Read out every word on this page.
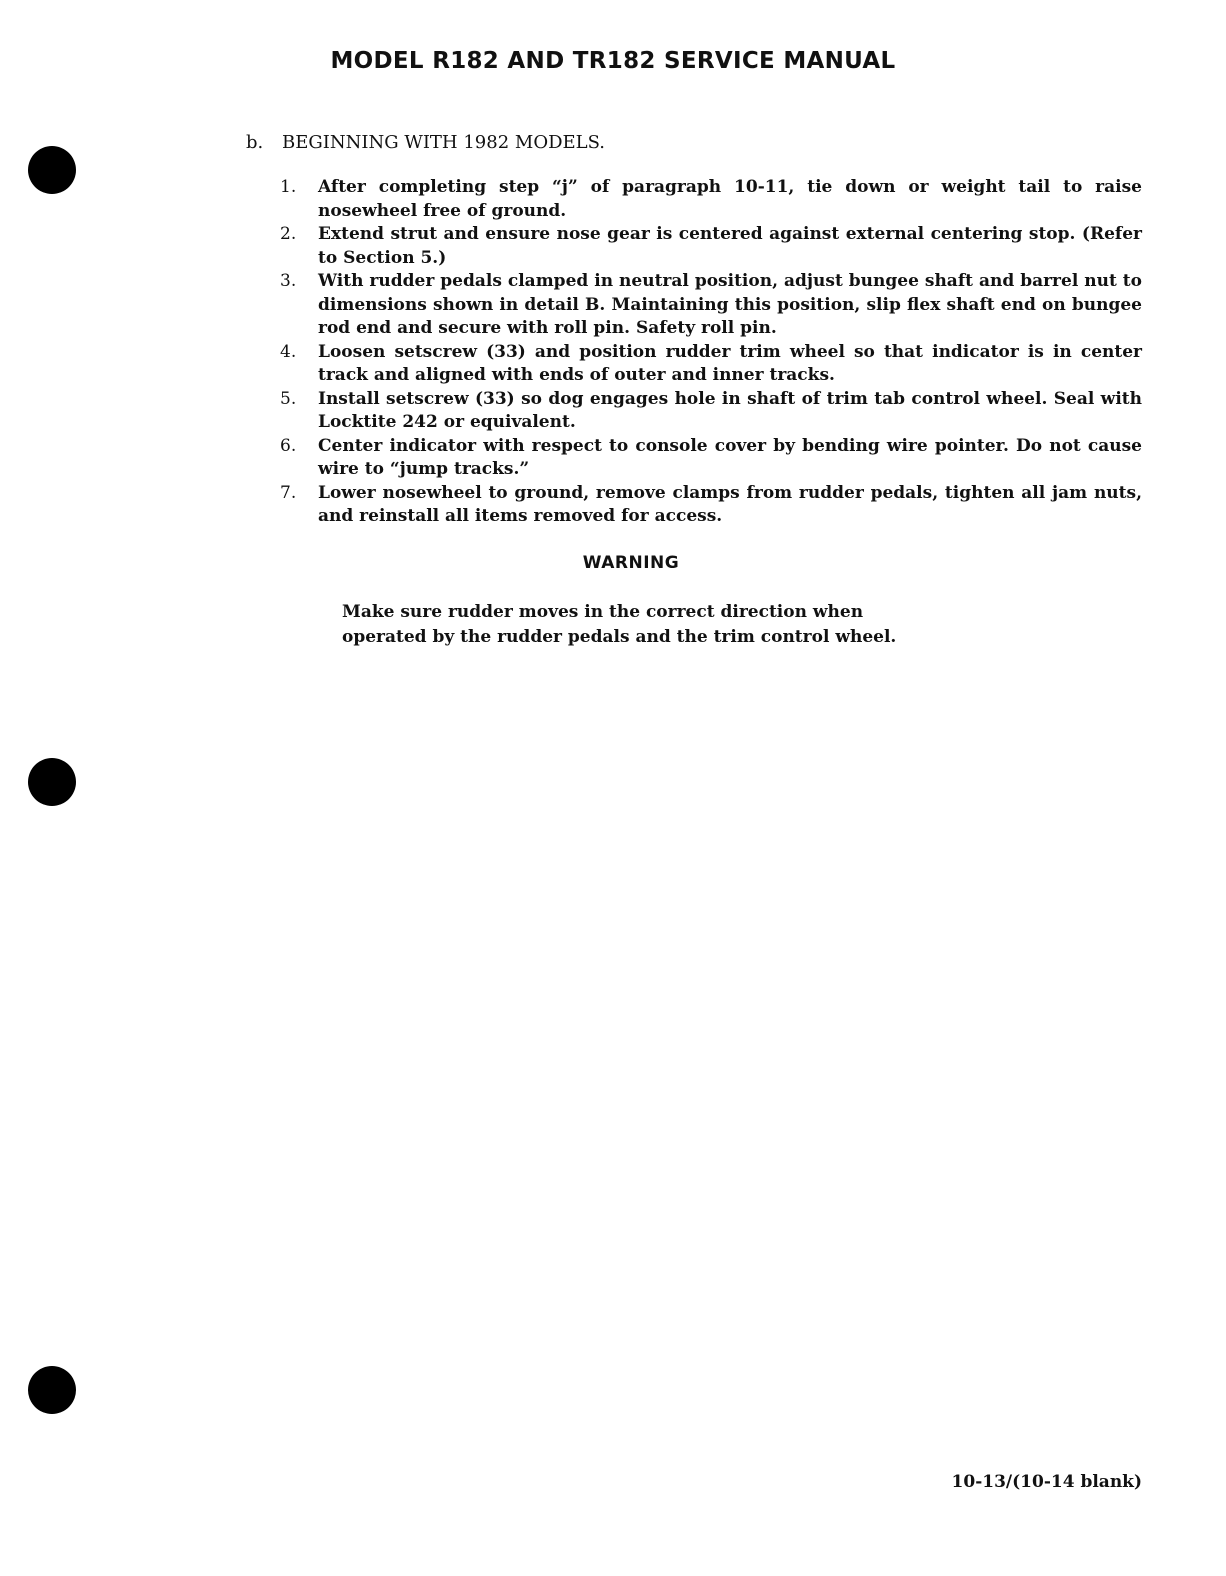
MODEL R182 AND TR182 SERVICE MANUAL
b. BEGINNING WITH 1982 MODELS.
1.	After completing step “j” of paragraph 10-11, tie down or weight tail to raise nosewheel free of ground.
2.	Extend strut and ensure nose gear is centered against external centering stop. (Refer to Section 5.)
3.	With rudder pedals clamped in neutral position, adjust bungee shaft and barrel nut to dimensions shown in detail B. Maintaining this position, slip flex shaft end on bungee rod end and secure with roll pin. Safety roll pin.
4.	Loosen setscrew (33) and position rudder trim wheel so that indicator is in center track and aligned with ends of outer and inner tracks.
5.	Install setscrew (33) so dog engages hole in shaft of trim tab control wheel. Seal with Locktite 242 or equivalent.
6.	Center indicator with respect to console cover by bending wire pointer. Do not cause wire to “jump tracks.”
7.	Lower nosewheel to ground, remove clamps from rudder pedals, tighten all jam nuts, and reinstall all items removed for access.
WARNING
Make sure rudder moves in the correct direction when operated by the rudder pedals and the trim control wheel.
10-13/(10-14 blank)
